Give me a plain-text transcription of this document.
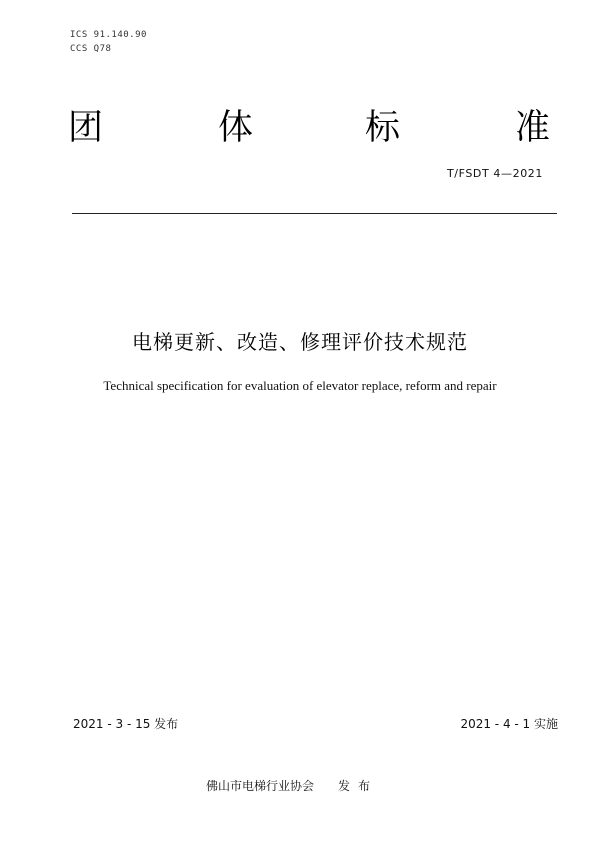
ICS 91.140.90
CCS Q78
团	体	标	准
T/FSDT 4—2021
电梯更新、改造、修理评价技术规范
Technical specification for evaluation of elevator replace, reform and repair
2021 - 3 - 15 发布	2021 - 4 - 1 实施
佛山市电梯行业协会 发布
